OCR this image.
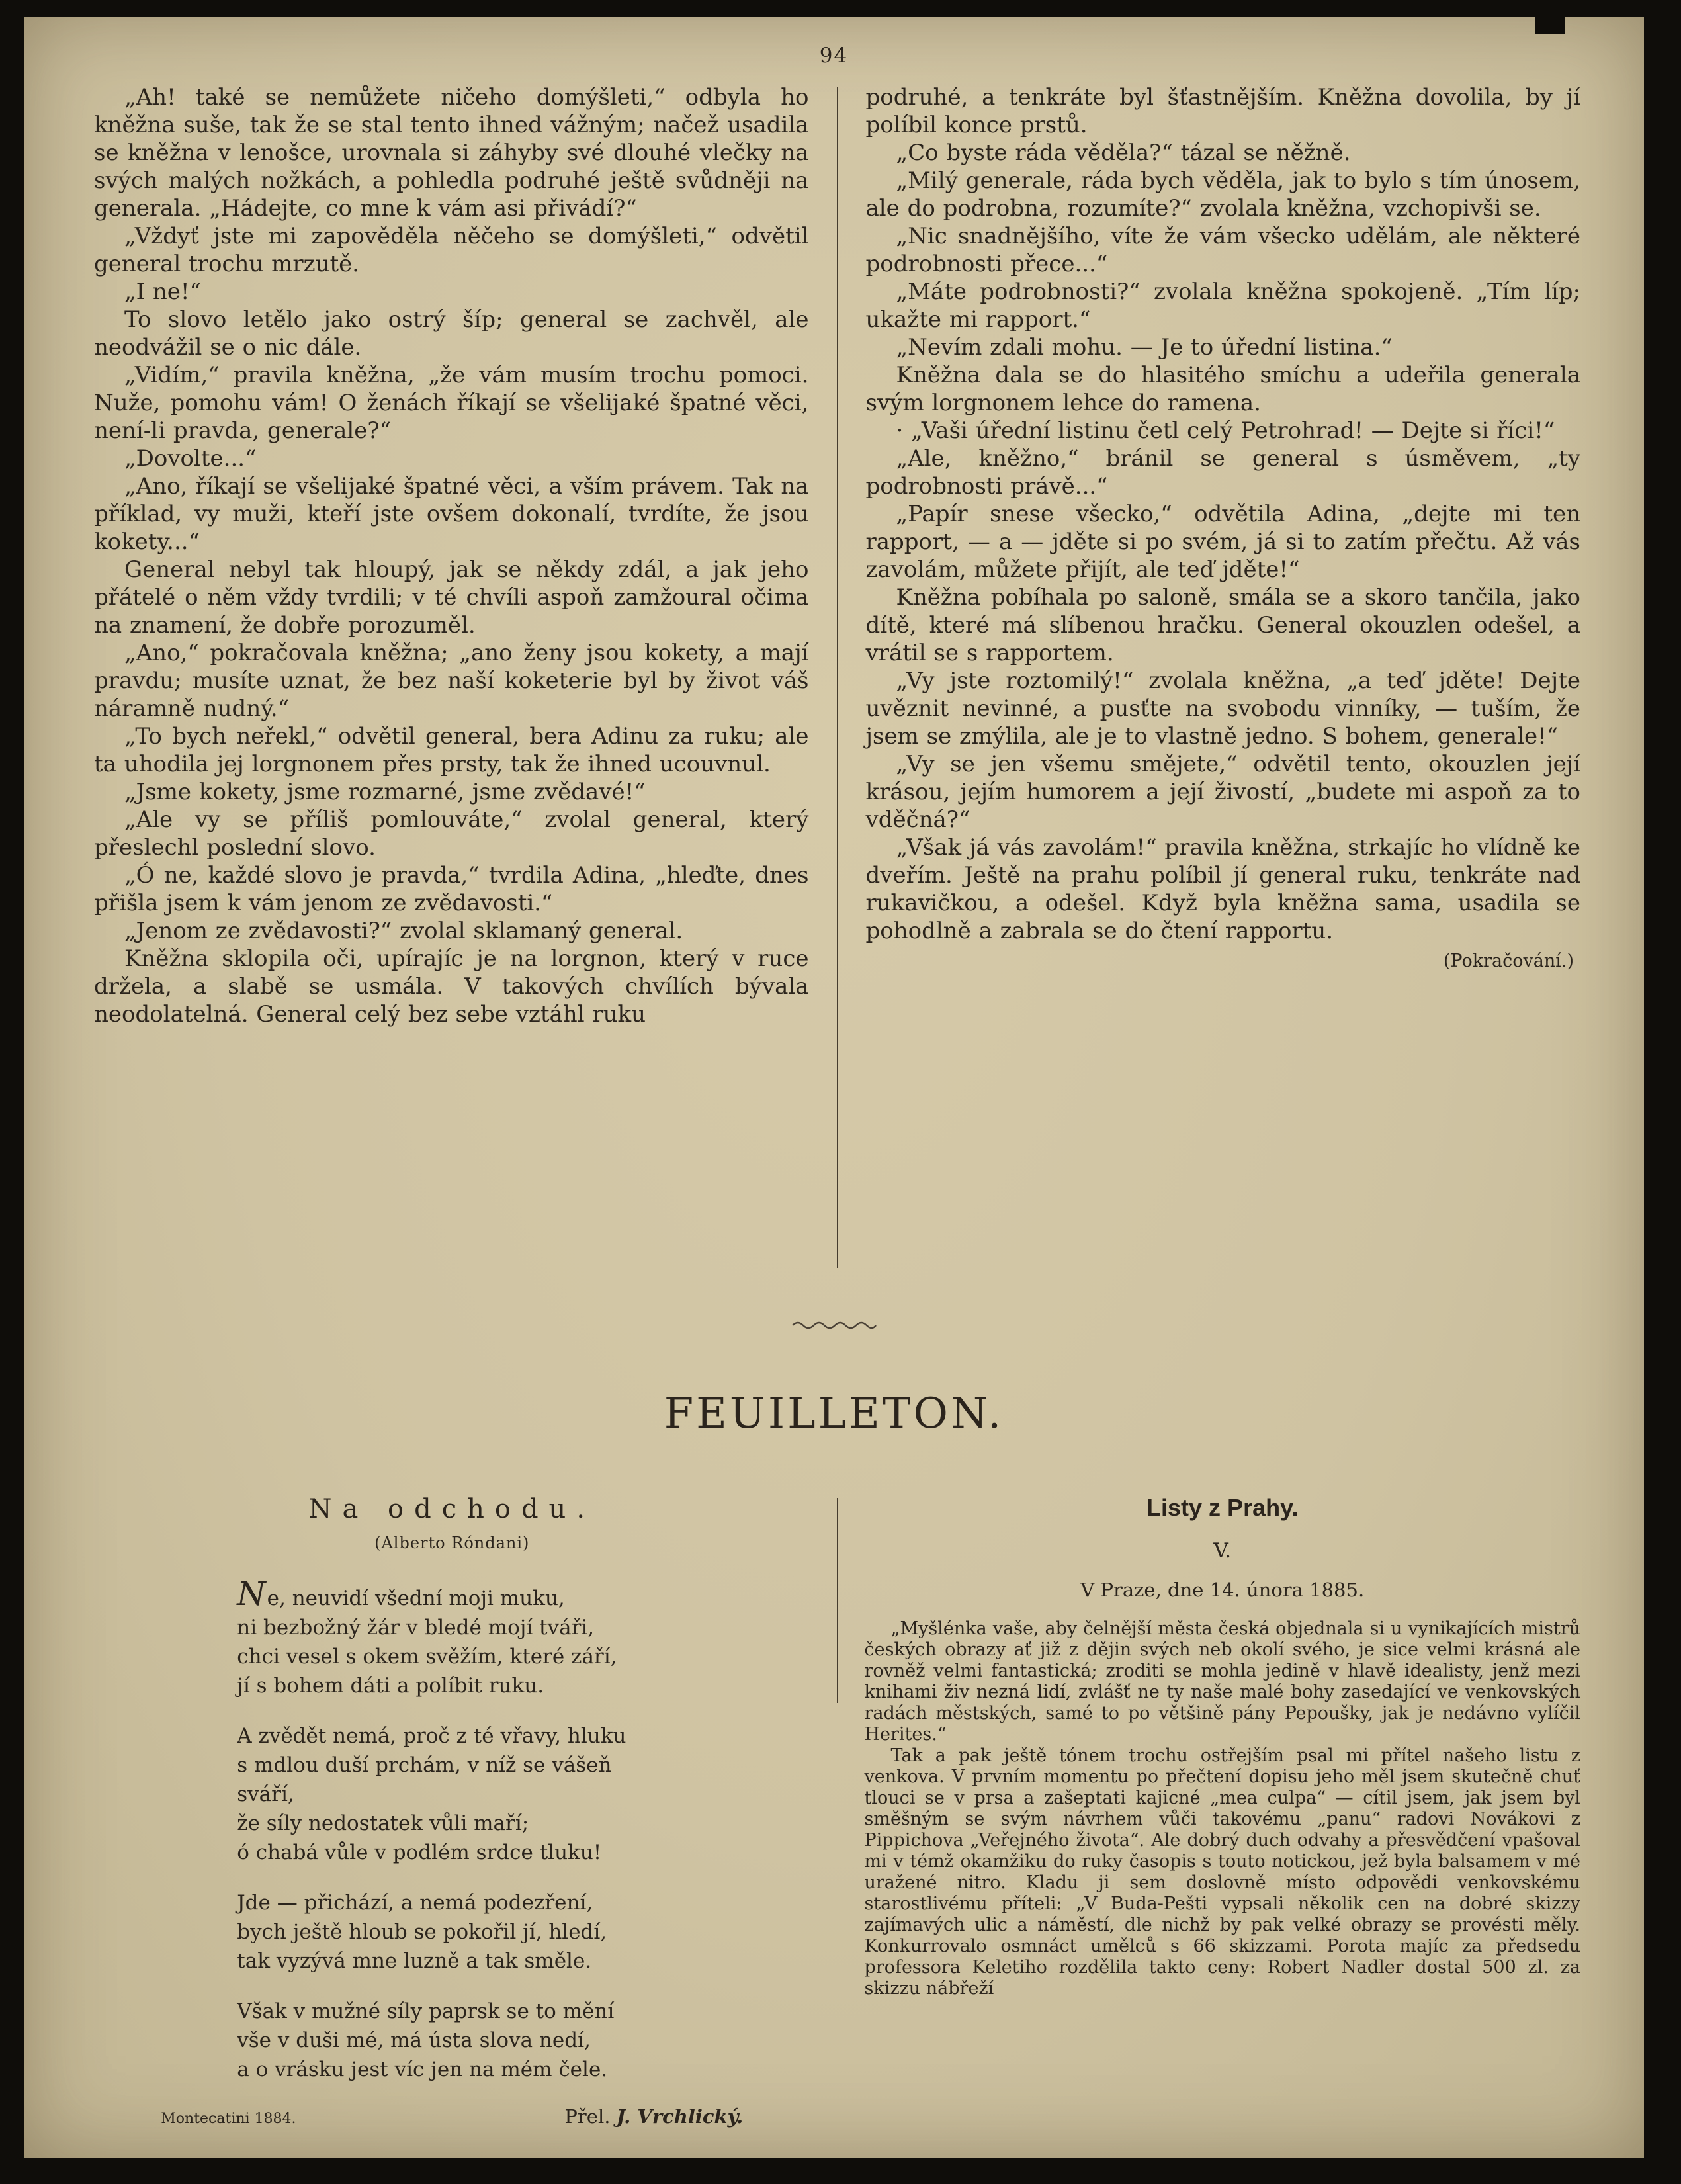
94

„Ah! také se nemůžete ničeho domýšleti,“ odbyla ho kněžna suše, tak že se stal tento ihned vážným; načež usadila se kněžna v lenošce, urovnala si záhyby své dlouhé vlečky na svých malých nožkách, a pohledla podruhé ještě svůdněji na generala. „Hádejte, co mne k vám asi přivádí?“

„Vždyť jste mi zapověděla něčeho se domýšleti,“ odvětil general trochu mrzutě.

„I ne!“

To slovo letělo jako ostrý šíp; general se zachvěl, ale neodvážil se o nic dále.

„Vidím,“ pravila kněžna, „že vám musím trochu pomoci. Nuže, pomohu vám! O ženách říkají se všelijaké špatné věci, není-li pravda, generale?“

„Dovolte...“

„Ano, říkají se všelijaké špatné věci, a vším právem. Tak na příklad, vy muži, kteří jste ovšem dokonalí, tvrdíte, že jsou kokety...“

General nebyl tak hloupý, jak se někdy zdál, a jak jeho přátelé o něm vždy tvrdili; v té chvíli aspoň zamžoural očima na znamení, že dobře porozuměl.

„Ano,“ pokračovala kněžna; „ano ženy jsou kokety, a mají pravdu; musíte uznat, že bez naší koketerie byl by život váš náramně nudný.“

„To bych neřekl,“ odvětil general, bera Adinu za ruku; ale ta uhodila jej lorgnonem přes prsty, tak že ihned ucouvnul.

„Jsme kokety, jsme rozmarné, jsme zvědavé!“

„Ale vy se příliš pomlouváte,“ zvolal general, který přeslechl poslední slovo.

„Ó ne, každé slovo je pravda,“ tvrdila Adina, „hleďte, dnes přišla jsem k vám jenom ze zvědavosti.“

„Jenom ze zvědavosti?“ zvolal sklamaný general.

Kněžna sklopila oči, upírajíc je na lorgnon, který v ruce držela, a slabě se usmála. V takových chvílích bývala neodolatelná. General celý bez sebe vztáhl ruku

podruhé, a tenkráte byl šťastnějším. Kněžna dovolila, by jí políbil konce prstů.

„Co byste ráda věděla?“ tázal se něžně.

„Milý generale, ráda bych věděla, jak to bylo s tím únosem, ale do podrobna, rozumíte?“ zvolala kněžna, vzchopivši se.

„Nic snadnějšího, víte že vám všecko udělám, ale některé podrobnosti přece...“

„Máte podrobnosti?“ zvolala kněžna spokojeně. „Tím líp; ukažte mi rapport.“

„Nevím zdali mohu. — Je to úřední listina.“

Kněžna dala se do hlasitého smíchu a udeřila generala svým lorgnonem lehce do ramena.

· „Vaši úřední listinu četl celý Petrohrad! — Dejte si říci!“

„Ale, kněžno,“ bránil se general s úsměvem, „ty podrobnosti právě...“

„Papír snese všecko,“ odvětila Adina, „dejte mi ten rapport, — a — jděte si po svém, já si to zatím přečtu. Až vás zavolám, můžete přijít, ale teď jděte!“

Kněžna pobíhala po saloně, smála se a skoro tančila, jako dítě, které má slíbenou hračku. General okouzlen odešel, a vrátil se s rapportem.

„Vy jste roztomilý!“ zvolala kněžna, „a teď jděte! Dejte uvěznit nevinné, a pusťte na svobodu vinníky, — tuším, že jsem se zmýlila, ale je to vlastně jedno. S bohem, generale!“

„Vy se jen všemu smějete,“ odvětil tento, okouzlen její krásou, jejím humorem a její živostí, „budete mi aspoň za to vděčná?“

„Však já vás zavolám!“ pravila kněžna, strkajíc ho vlídně ke dveřím. Ještě na prahu políbil jí general ruku, tenkráte nad rukavičkou, a odešel. Když byla kněžna sama, usadila se pohodlně a zabrala se do čtení rapportu.

(Pokračování.)
FEUILLETON.
Na odchodu.
(Alberto Róndani)
Ne, neuvidí všední moji muku,
ni bezbožný žár v bledé mojí tváři,
chci vesel s okem svěžím, které září,
jí s bohem dáti a políbit ruku.
A zvědět nemá, proč z té vřavy, hluku
s mdlou duší prchám, v níž se vášeň sváří,
že síly nedostatek vůli maří;
ó chabá vůle v podlém srdce tluku!
Jde — přichází, a nemá podezření,
bych ještě hloub se pokořil jí, hledí,
tak vyzývá mne luzně a tak směle.
Však v mužné síly paprsk se to mění
vše v duši mé, má ústa slova nedí,
a o vrásku jest víc jen na mém čele.
Montecatini 1884.	Přel. J. Vrchlický.
Listy z Prahy.
V.
V Praze, dne 14. února 1885.

„Myšlénka vaše, aby čelnější města česká objednala si u vynikajících mistrů českých obrazy ať již z dějin svých neb okolí svého, je sice velmi krásná ale rovněž velmi fantastická; zroditi se mohla jedině v hlavě idealisty, jenž mezi knihami živ nezná lidí, zvlášť ne ty naše malé bohy zasedající ve venkovských radách městských, samé to po většině pány Pepoušky, jak je nedávno vylíčil Herites.“

Tak a pak ještě tónem trochu ostřejším psal mi přítel našeho listu z venkova. V prvním momentu po přečtení dopisu jeho měl jsem skutečně chuť tlouci se v prsa a zašeptati kajicné „mea culpa“ — cítil jsem, jak jsem byl směšným se svým návrhem vůči takovému „panu“ radovi Novákovi z Pippichova „Veřejného života“. Ale dobrý duch odvahy a přesvědčení vpašoval mi v témž okamžiku do ruky časopis s touto notickou, jež byla balsamem v mé uražené nitro. Kladu ji sem doslovně místo odpovědi venkovskému starostlivému příteli: „V Buda-Pešti vypsali několik cen na dobré skizzy zajímavých ulic a náměstí, dle nichž by pak velké obrazy se provésti měly. Konkurrovalo osmnáct umělců s 66 skizzami. Porota majíc za předsedu professora Keletiho rozdělila takto ceny: Robert Nadler dostal 500 zl. za skizzu nábřeží
